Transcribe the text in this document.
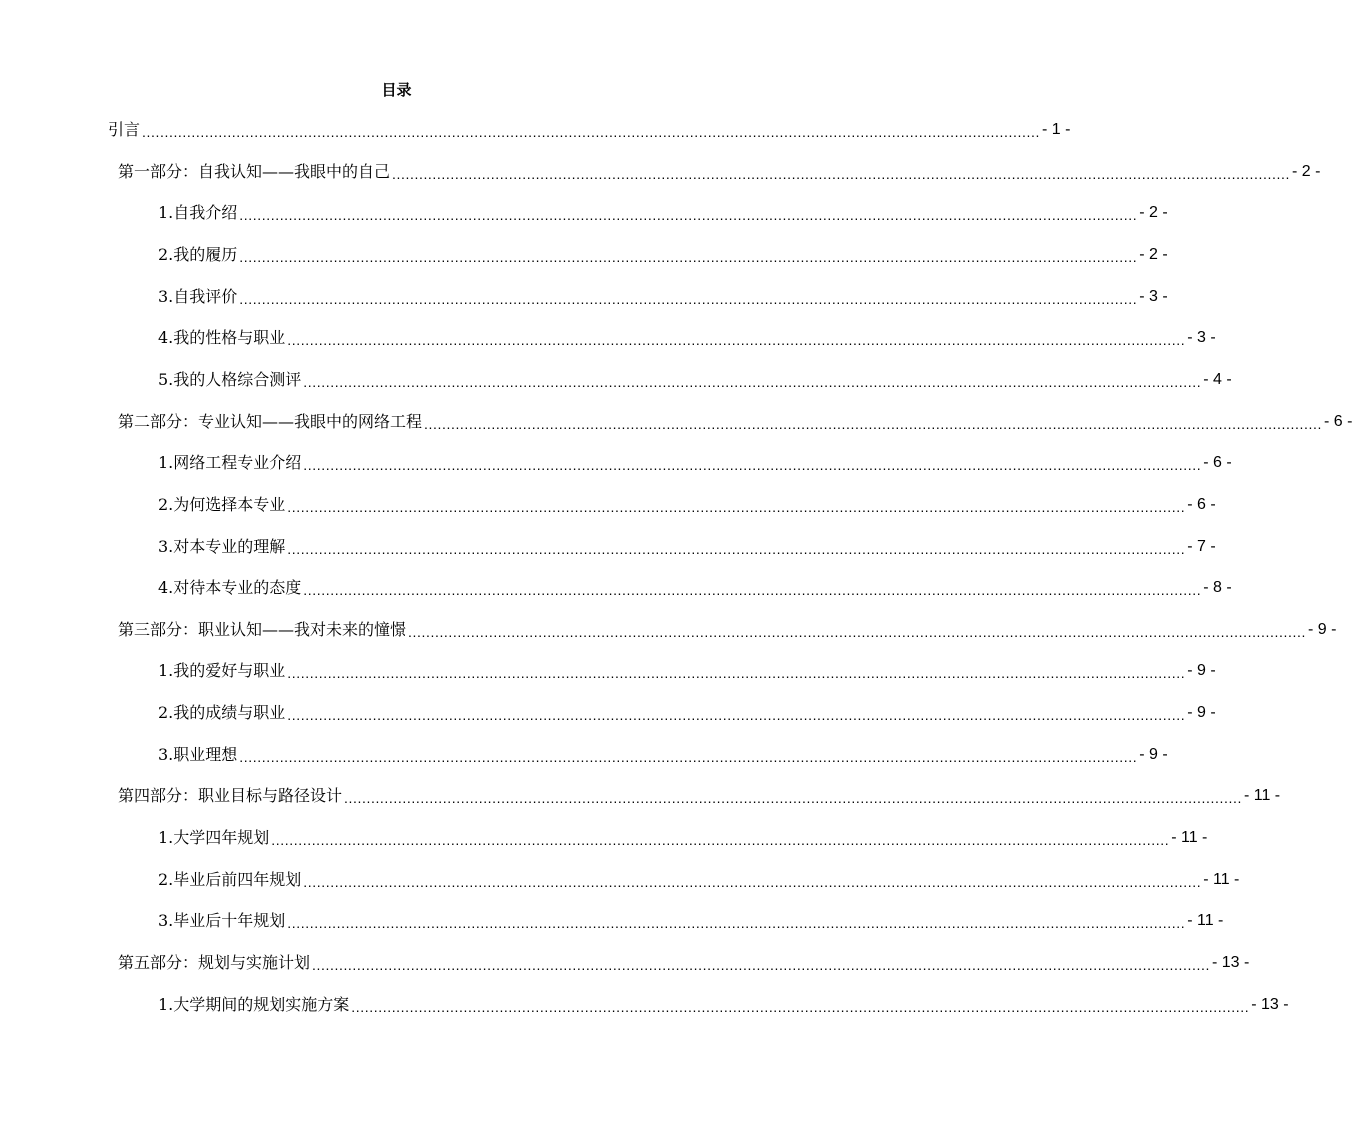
目录
引言 ........................................................................................................................................................................................................ - 1 -
第一部分：自我认知——我眼中的自己 ........................................................................................................................................................................................................ - 2 -
1.自我介绍 ........................................................................................................................................................................................................ - 2 -
2.我的履历 ........................................................................................................................................................................................................ - 2 -
3.自我评价 ........................................................................................................................................................................................................ - 3 -
4.我的性格与职业 ........................................................................................................................................................................................................ - 3 -
5.我的人格综合测评 ........................................................................................................................................................................................................ - 4 -
第二部分：专业认知——我眼中的网络工程 ........................................................................................................................................................................................................ - 6 -
1.网络工程专业介绍 ........................................................................................................................................................................................................ - 6 -
2.为何选择本专业 ........................................................................................................................................................................................................ - 6 -
3.对本专业的理解 ........................................................................................................................................................................................................ - 7 -
4.对待本专业的态度 ........................................................................................................................................................................................................ - 8 -
第三部分：职业认知——我对未来的憧憬 ........................................................................................................................................................................................................ - 9 -
1.我的爱好与职业 ........................................................................................................................................................................................................ - 9 -
2.我的成绩与职业 ........................................................................................................................................................................................................ - 9 -
3.职业理想 ........................................................................................................................................................................................................ - 9 -
第四部分：职业目标与路径设计 ........................................................................................................................................................................................................ - 11 -
1.大学四年规划 ........................................................................................................................................................................................................ - 11 -
2.毕业后前四年规划 ........................................................................................................................................................................................................ - 11 -
3.毕业后十年规划 ........................................................................................................................................................................................................ - 11 -
第五部分：规划与实施计划 ........................................................................................................................................................................................................ - 13 -
1.大学期间的规划实施方案 ........................................................................................................................................................................................................ - 13 -
